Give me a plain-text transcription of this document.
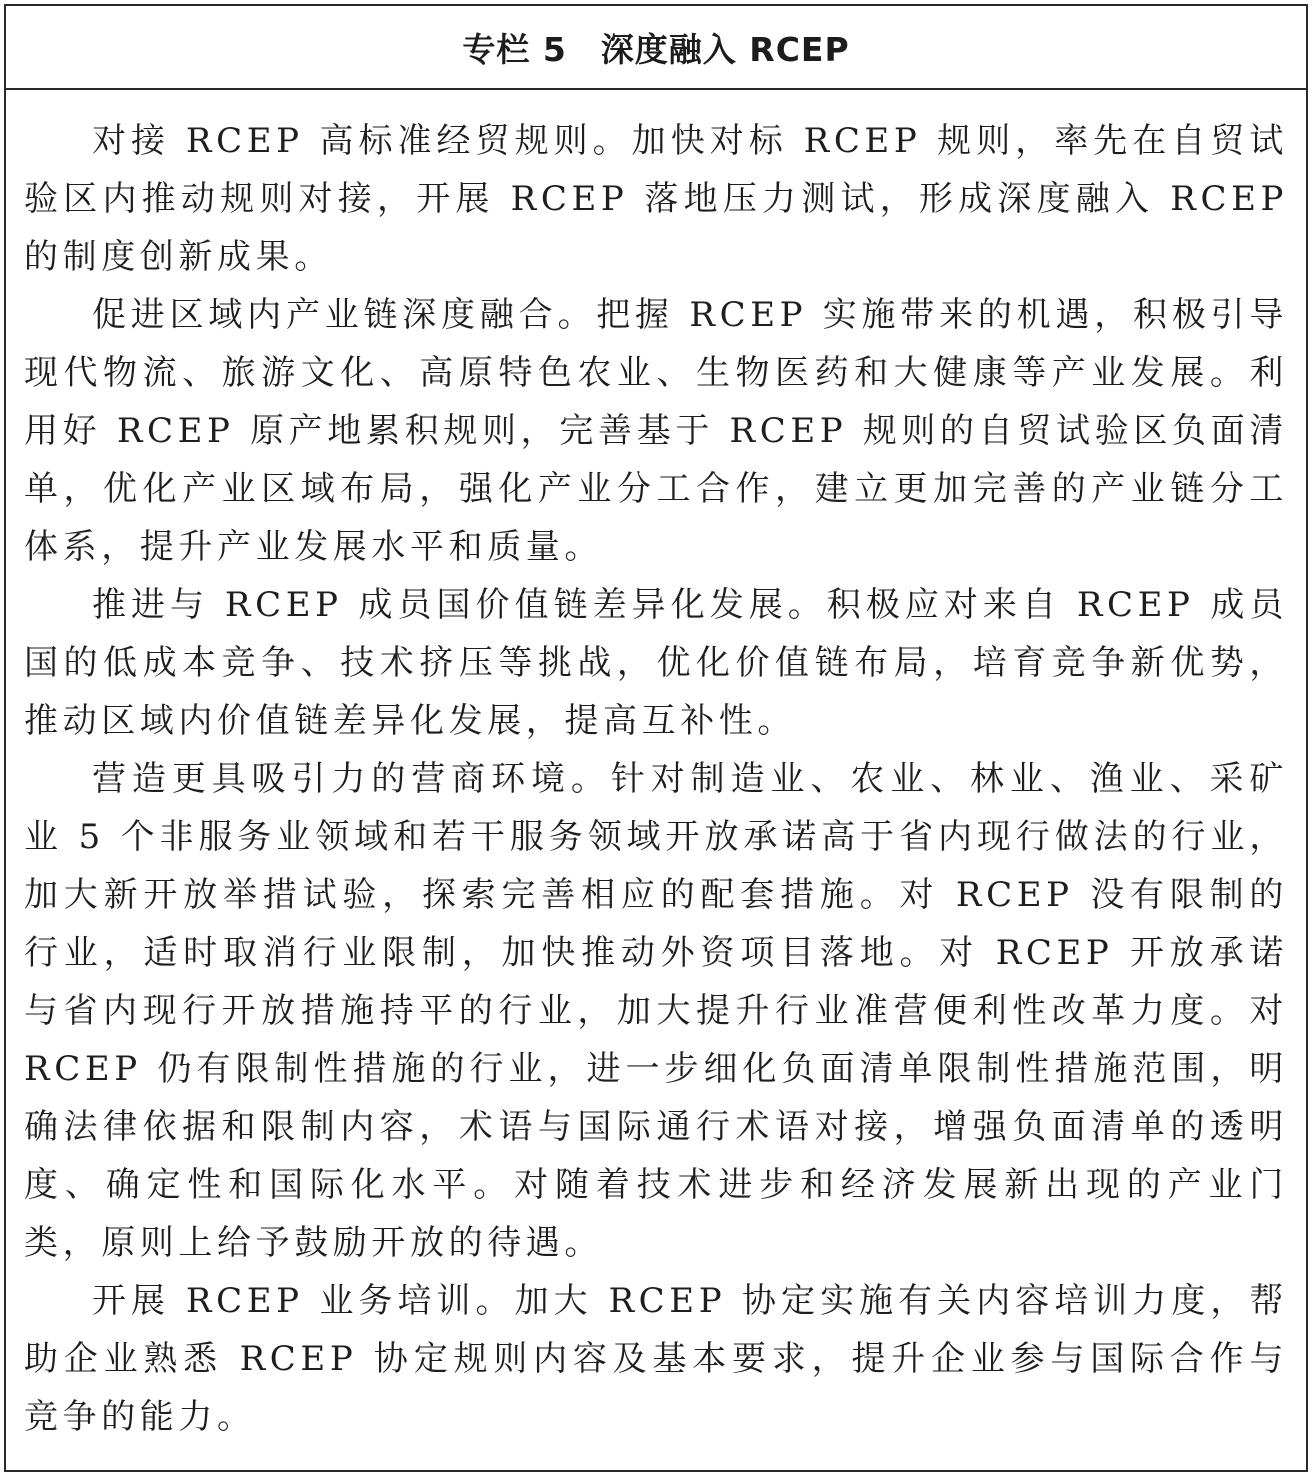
专栏 5　深度融入 RCEP

对接 RCEP 高标准经贸规则。加快对标 RCEP 规则，率先在自贸试验区内推动规则对接，开展 RCEP 落地压力测试，形成深度融入 RCEP 的制度创新成果。

促进区域内产业链深度融合。把握 RCEP 实施带来的机遇，积极引导现代物流、旅游文化、高原特色农业、生物医药和大健康等产业发展。利用好 RCEP 原产地累积规则，完善基于 RCEP 规则的自贸试验区负面清单，优化产业区域布局，强化产业分工合作，建立更加完善的产业链分工体系，提升产业发展水平和质量。

推进与 RCEP 成员国价值链差异化发展。积极应对来自 RCEP 成员国的低成本竞争、技术挤压等挑战，优化价值链布局，培育竞争新优势，推动区域内价值链差异化发展，提高互补性。

营造更具吸引力的营商环境。针对制造业、农业、林业、渔业、采矿业 5 个非服务业领域和若干服务领域开放承诺高于省内现行做法的行业，加大新开放举措试验，探索完善相应的配套措施。对 RCEP 没有限制的行业，适时取消行业限制，加快推动外资项目落地。对 RCEP 开放承诺与省内现行开放措施持平的行业，加大提升行业准营便利性改革力度。对 RCEP 仍有限制性措施的行业，进一步细化负面清单限制性措施范围，明确法律依据和限制内容，术语与国际通行术语对接，增强负面清单的透明度、确定性和国际化水平。对随着技术进步和经济发展新出现的产业门类，原则上给予鼓励开放的待遇。

开展 RCEP 业务培训。加大 RCEP 协定实施有关内容培训力度，帮助企业熟悉 RCEP 协定规则内容及基本要求，提升企业参与国际合作与竞争的能力。
